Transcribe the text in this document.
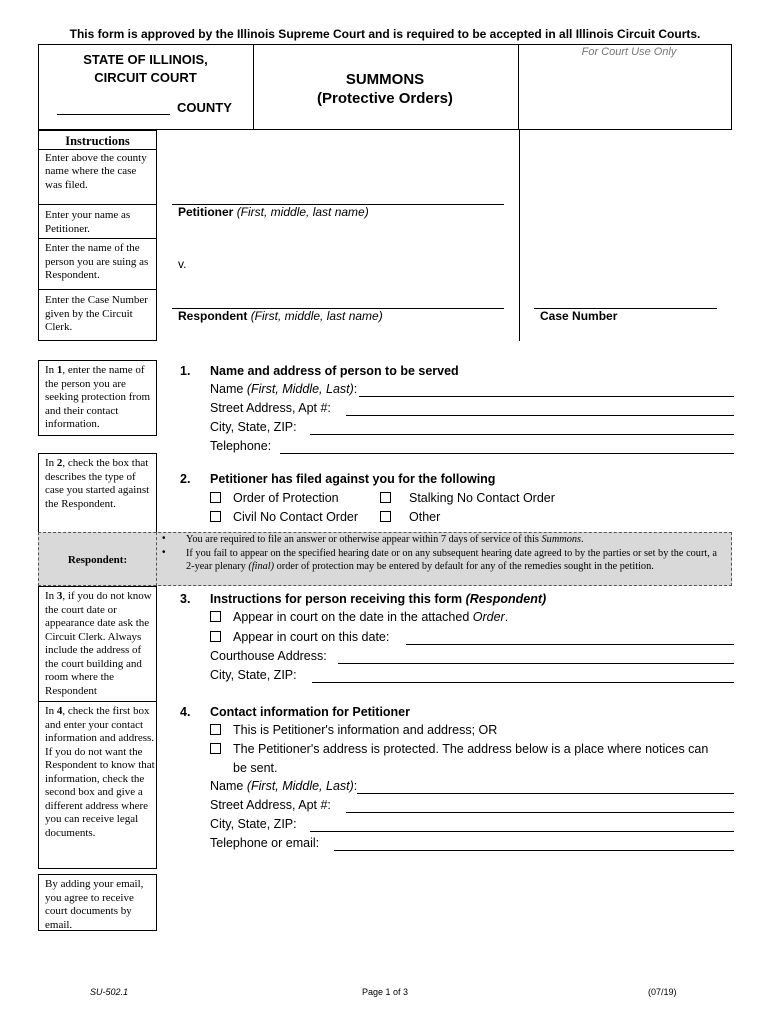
This form is approved by the Illinois Supreme Court and is required to be accepted in all Illinois Circuit Courts.
STATE OF ILLINOIS,
CIRCUIT COURT
COUNTY
SUMMONS
(Protective Orders)
For Court Use Only

Instructions

Enter above the county name where the case was filed.

Enter your name as Petitioner.

Enter the name of the person you are suing as Respondent.

Enter the Case Number given by the Circuit Clerk.

Petitioner (First, middle, last name)
v.
Respondent (First, middle, last name)	Case Number

In 1, enter the name of the person you are seeking protection from and their contact information.

In 2, check the box that describes the type of case you started against the Respondent.

In 3, if you do not know the court date or appearance date ask the Circuit Clerk. Always include the address of the court building and room where the Respondent

In 4, check the first box and enter your contact information and address. If you do not want the Respondent to know that information, check the second box and give a different address where you can receive legal documents.

By adding your email, you agree to receive court documents by email.

1. Name and address of person to be served
Name (First, Middle, Last):
Street Address, Apt #:
City, State, ZIP:
Telephone:
2. Petitioner has filed against you for the following
Order of Protection	Stalking No Contact Order
Civil No Contact Order	Other
Respondent:
• You are required to file an answer or otherwise appear within 7 days of service of this Summons.
• If you fail to appear on the specified hearing date or on any subsequent hearing date agreed to by the parties or set by the court, a 2-year plenary (final) order of protection may be entered by default for any of the remedies sought in the petition.
3. Instructions for person receiving this form (Respondent)
Appear in court on the date in the attached Order.
Appear in court on this date:
Courthouse Address:
City, State, ZIP:
4. Contact information for Petitioner
This is Petitioner's information and address; OR
The Petitioner's address is protected. The address below is a place where notices can
be sent.
Name (First, Middle, Last):
Street Address, Apt #:
City, State, ZIP:
Telephone or email:
SU-502.1	Page 1 of 3	(07/19)
